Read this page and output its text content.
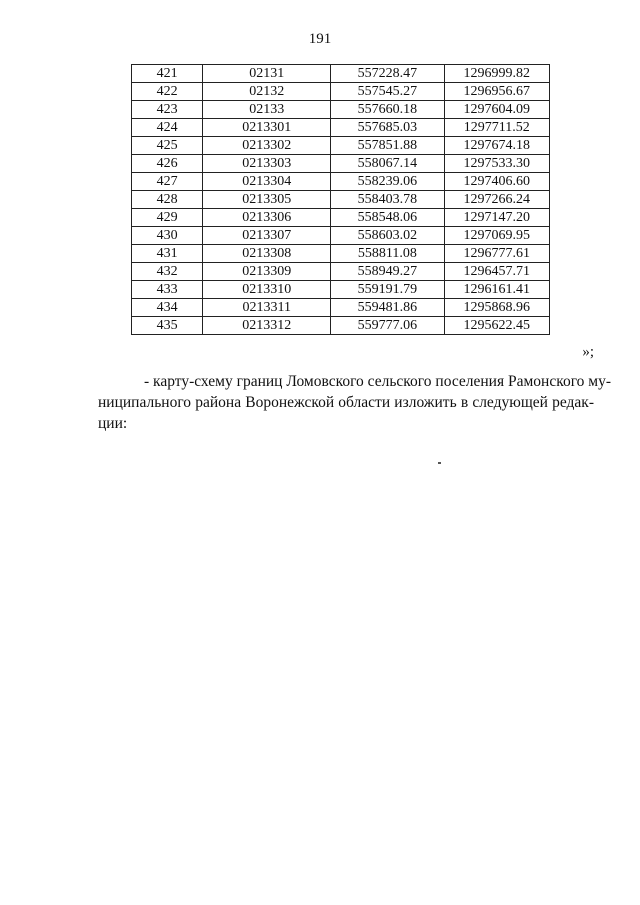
191
421	02131	557228.47	1296999.82
422	02132	557545.27	1296956.67
423	02133	557660.18	1297604.09
424	0213301	557685.03	1297711.52
425	0213302	557851.88	1297674.18
426	0213303	558067.14	1297533.30
427	0213304	558239.06	1297406.60
428	0213305	558403.78	1297266.24
429	0213306	558548.06	1297147.20
430	0213307	558603.02	1297069.95
431	0213308	558811.08	1296777.61
432	0213309	558949.27	1296457.71
433	0213310	559191.79	1296161.41
434	0213311	559481.86	1295868.96
435	0213312	559777.06	1295622.45
»;
- карту-схему границ Ломовского сельского поселения Рамонского му-
ниципального района Воронежской области изложить в следующей редак-
ции:
